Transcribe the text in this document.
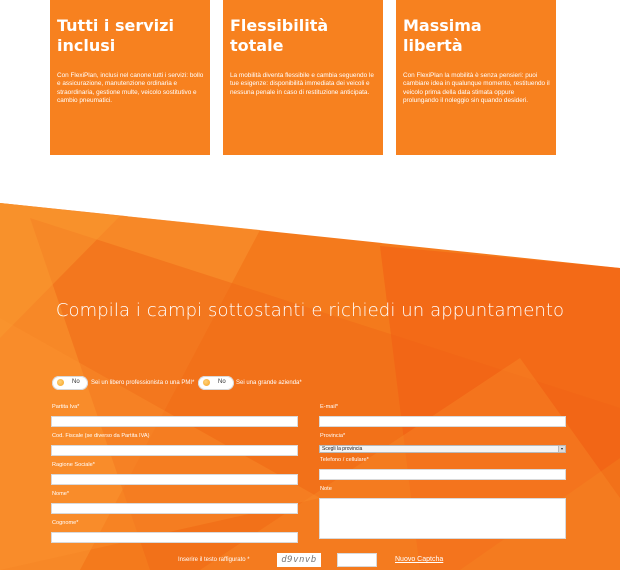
Tutti i servizi
inclusi

Con FlexiPlan, inclusi nel canone tutti i servizi: bollo e assicurazione, manutenzione ordinaria e straordinaria, gestione multe, veicolo sostitutivo e cambio pneumatici.

Flessibilità
totale

La mobilità diventa flessibile e cambia seguendo le tue esigenze: disponibilità immediata dei veicoli e nessuna penale in caso di restituzione anticipata.

Massima
libertà

Con FlexiPlan la mobilità è senza pensieri: puoi cambiare idea in qualunque momento, restituendo il veicolo prima della data stimata oppure prolungando il noleggio sin quando desideri.

Compila i campi sottostanti e richiedi un appuntamento
No Sei un libero professionista o una PMI*	No Sei una grande azienda*
Partita Iva*
Cod. Fiscale (se diverso da Partita IVA)
Ragione Sociale*
Nome*
Cognome*
E-mail*
Provincia*
Scegli la provincia	▾
Telefono / cellulare*
Note
Inserire il testo raffigurato *	d9vnvb	Nuovo Captcha
